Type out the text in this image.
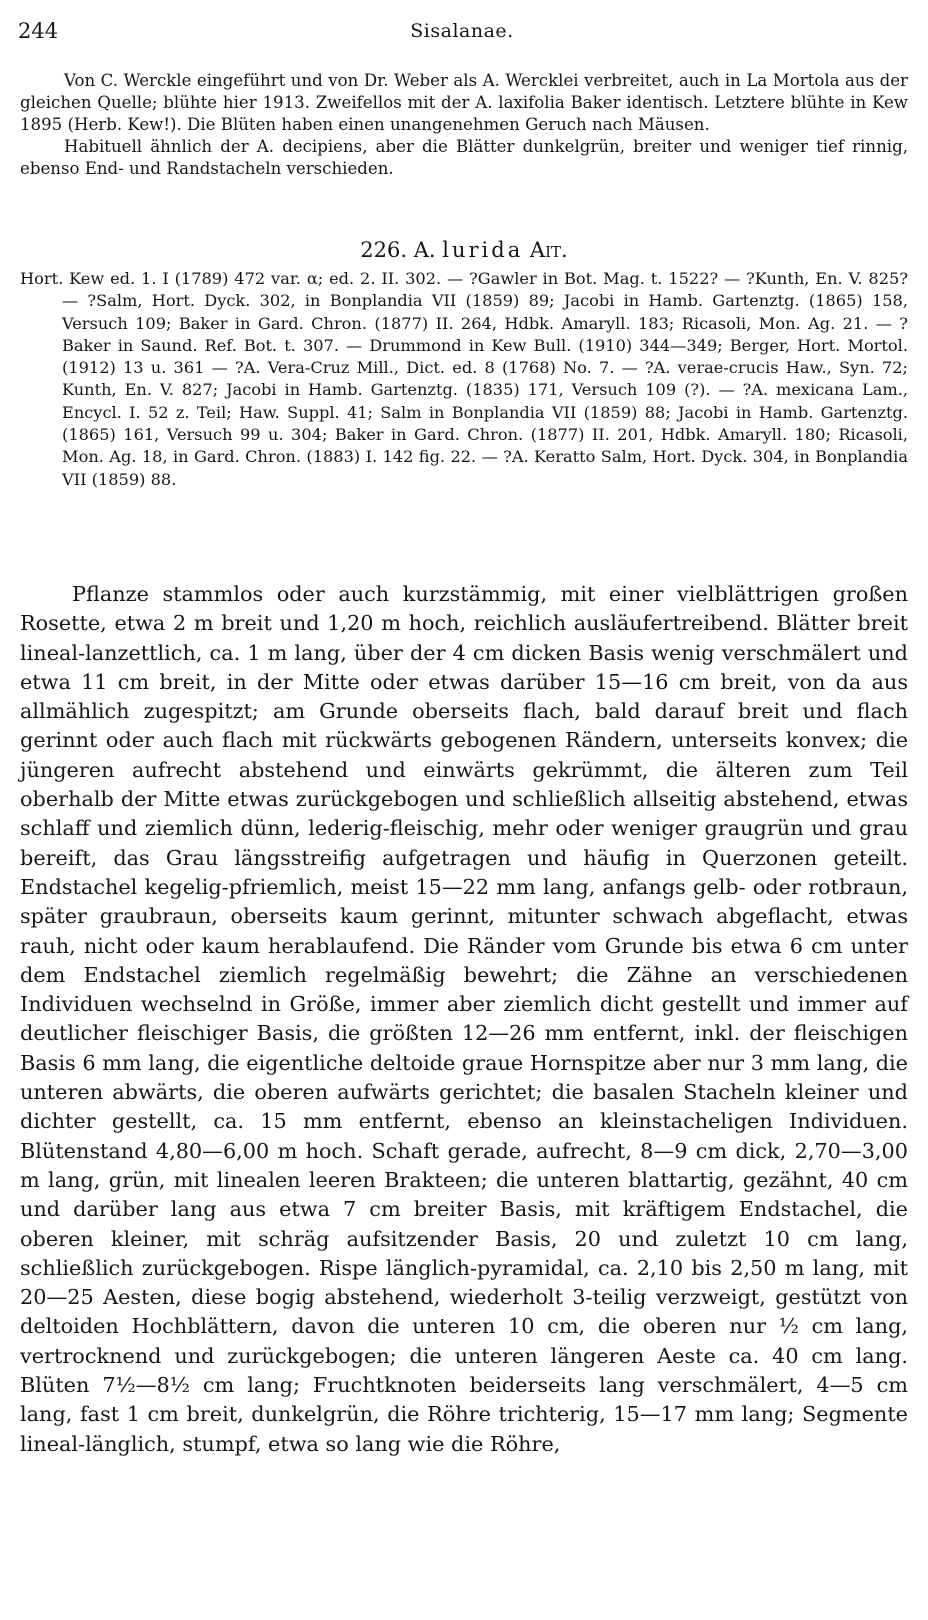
244	Sisalanae.

Von C. Werckle eingeführt und von Dr. Weber als A. Wercklei verbreitet, auch in La Mortola aus der gleichen Quelle; blühte hier 1913. Zweifellos mit der A. laxifolia Baker identisch. Letztere blühte in Kew 1895 (Herb. Kew!). Die Blüten haben einen unangenehmen Geruch nach Mäusen.

Habituell ähnlich der A. decipiens, aber die Blätter dunkelgrün, breiter und weniger tief rinnig, ebenso End- und Randstacheln verschieden.

226. A. lurida Ait.

Hort. Kew ed. 1. I (1789) 472 var. α; ed. 2. II. 302. — ?Gawler in Bot. Mag. t. 1522? — ?Kunth, En. V. 825? — ?Salm, Hort. Dyck. 302, in Bonplandia VII (1859) 89; Jacobi in Hamb. Gartenztg. (1865) 158, Versuch 109; Baker in Gard. Chron. (1877) II. 264, Hdbk. Amaryll. 183; Ricasoli, Mon. Ag. 21. — ?Baker in Saund. Ref. Bot. t. 307. — Drummond in Kew Bull. (1910) 344—349; Berger, Hort. Mortol. (1912) 13 u. 361 — ?A. Vera-Cruz Mill., Dict. ed. 8 (1768) No. 7. — ?A. verae-crucis Haw., Syn. 72; Kunth, En. V. 827; Jacobi in Hamb. Gartenztg. (1835) 171, Versuch 109 (?). — ?A. mexicana Lam., Encycl. I. 52 z. Teil; Haw. Suppl. 41; Salm in Bonplandia VII (1859) 88; Jacobi in Hamb. Gartenztg. (1865) 161, Versuch 99 u. 304; Baker in Gard. Chron. (1877) II. 201, Hdbk. Amaryll. 180; Ricasoli, Mon. Ag. 18, in Gard. Chron. (1883) I. 142 fig. 22. — ?A. Keratto Salm, Hort. Dyck. 304, in Bonplandia VII (1859) 88.

Pflanze stammlos oder auch kurzstämmig, mit einer vielblättrigen großen Rosette, etwa 2 m breit und 1,20 m hoch, reichlich ausläufertreibend. Blätter breit lineal-lanzettlich, ca. 1 m lang, über der 4 cm dicken Basis wenig verschmälert und etwa 11 cm breit, in der Mitte oder etwas darüber 15—16 cm breit, von da aus allmählich zugespitzt; am Grunde oberseits flach, bald darauf breit und flach gerinnt oder auch flach mit rückwärts gebogenen Rändern, unterseits konvex; die jüngeren aufrecht abstehend und einwärts gekrümmt, die älteren zum Teil oberhalb der Mitte etwas zurückgebogen und schließlich allseitig abstehend, etwas schlaff und ziemlich dünn, lederig-fleischig, mehr oder weniger graugrün und grau bereift, das Grau längsstreifig aufgetragen und häufig in Querzonen geteilt. Endstachel kegelig-pfriemlich, meist 15—22 mm lang, anfangs gelb- oder rotbraun, später graubraun, oberseits kaum gerinnt, mitunter schwach abgeflacht, etwas rauh, nicht oder kaum herablaufend. Die Ränder vom Grunde bis etwa 6 cm unter dem Endstachel ziemlich regelmäßig bewehrt; die Zähne an verschiedenen Individuen wechselnd in Größe, immer aber ziemlich dicht gestellt und immer auf deutlicher fleischiger Basis, die größten 12—26 mm entfernt, inkl. der fleischigen Basis 6 mm lang, die eigentliche deltoide graue Hornspitze aber nur 3 mm lang, die unteren abwärts, die oberen aufwärts gerichtet; die basalen Stacheln kleiner und dichter gestellt, ca. 15 mm entfernt, ebenso an kleinstacheligen Individuen. Blütenstand 4,80—6,00 m hoch. Schaft gerade, aufrecht, 8—9 cm dick, 2,70—3,00 m lang, grün, mit linealen leeren Brakteen; die unteren blattartig, gezähnt, 40 cm und darüber lang aus etwa 7 cm breiter Basis, mit kräftigem Endstachel, die oberen kleiner, mit schräg aufsitzender Basis, 20 und zuletzt 10 cm lang, schließlich zurückgebogen. Rispe länglich-pyramidal, ca. 2,10 bis 2,50 m lang, mit 20—25 Aesten, diese bogig abstehend, wiederholt 3-teilig verzweigt, gestützt von deltoiden Hochblättern, davon die unteren 10 cm, die oberen nur ½ cm lang, vertrocknend und zurückgebogen; die unteren längeren Aeste ca. 40 cm lang. Blüten 7½—8½ cm lang; Fruchtknoten beiderseits lang verschmälert, 4—5 cm lang, fast 1 cm breit, dunkelgrün, die Röhre trichterig, 15—17 mm lang; Segmente lineal-länglich, stumpf, etwa so lang wie die Röhre,
